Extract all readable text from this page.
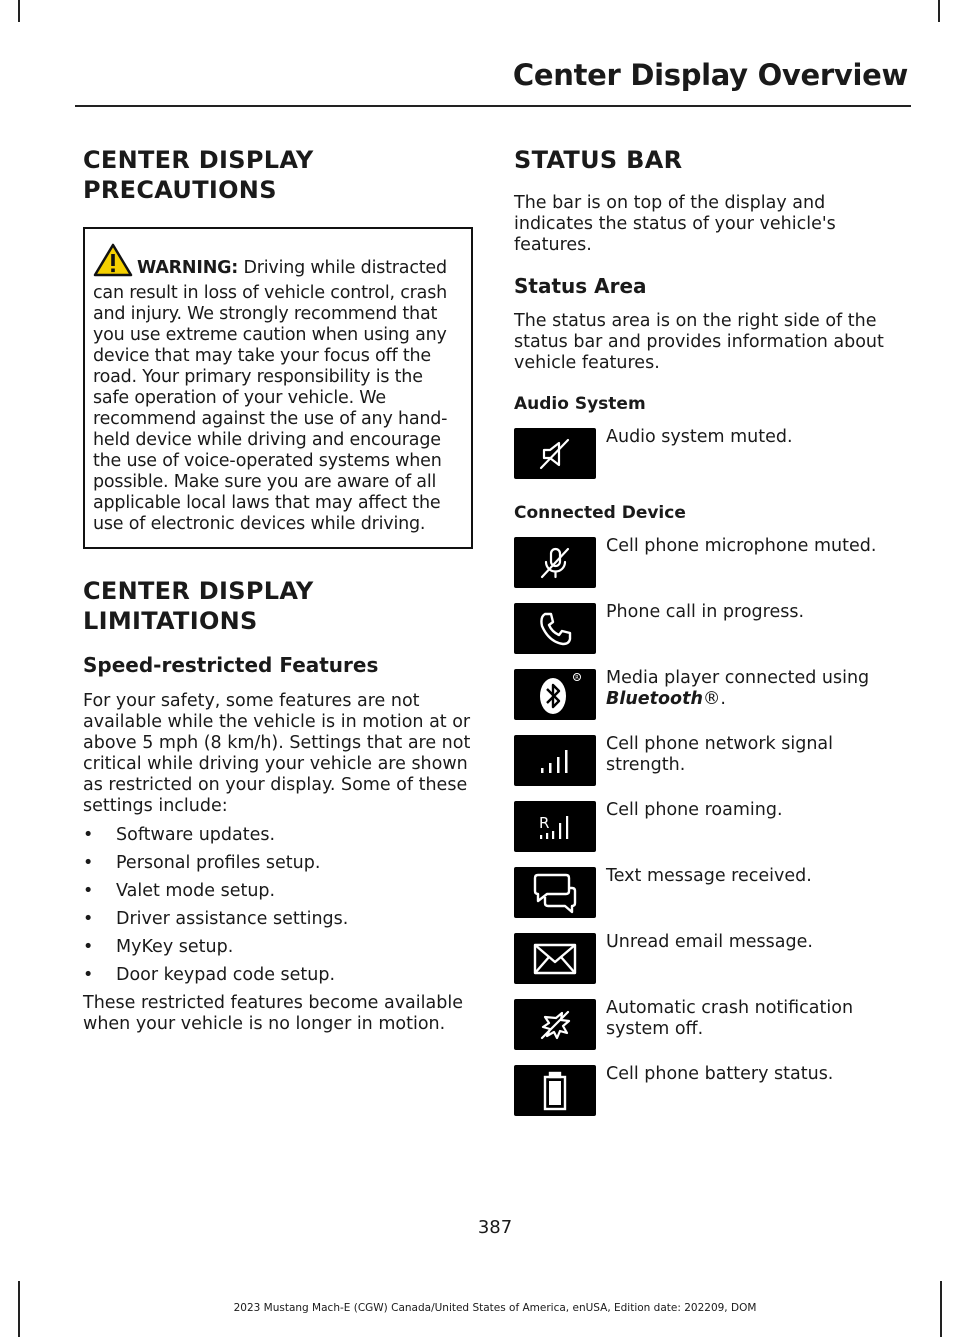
Center Display Overview
CENTER DISPLAY PRECAUTIONS
WARNING: Driving while distracted can result in loss of vehicle control, crash and injury. We strongly recommend that you use extreme caution when using any device that may take your focus off the road. Your primary responsibility is the safe operation of your vehicle. We recommend against the use of any hand-held device while driving and encourage the use of voice-operated systems when possible. Make sure you are aware of all applicable local laws that may affect the use of electronic devices while driving.
CENTER DISPLAY LIMITATIONS
Speed-restricted Features

For your safety, some features are not available while the vehicle is in motion at or above 5 mph (8 km/h). Settings that are not critical while driving your vehicle are shown as restricted on your display. Some of these settings include:

• Software updates.
• Personal profiles setup.
• Valet mode setup.
• Driver assistance settings.
• MyKey setup.
• Door keypad code setup.

These restricted features become available when your vehicle is no longer in motion.

STATUS BAR

The bar is on top of the display and indicates the status of your vehicle's features.

Status Area

The status area is on the right side of the status bar and provides information about vehicle features.

Audio System
Audio system muted.
Connected Device
Cell phone microphone muted.
Phone call in progress.
R Media player connected using Bluetooth®.
Cell phone network signal strength.
R
Cell phone roaming.
Text message received.
Unread email message.
Automatic crash notification system off.
Cell phone battery status.
387
2023 Mustang Mach-E (CGW) Canada/United States of America, enUSA, Edition date: 202209, DOM
